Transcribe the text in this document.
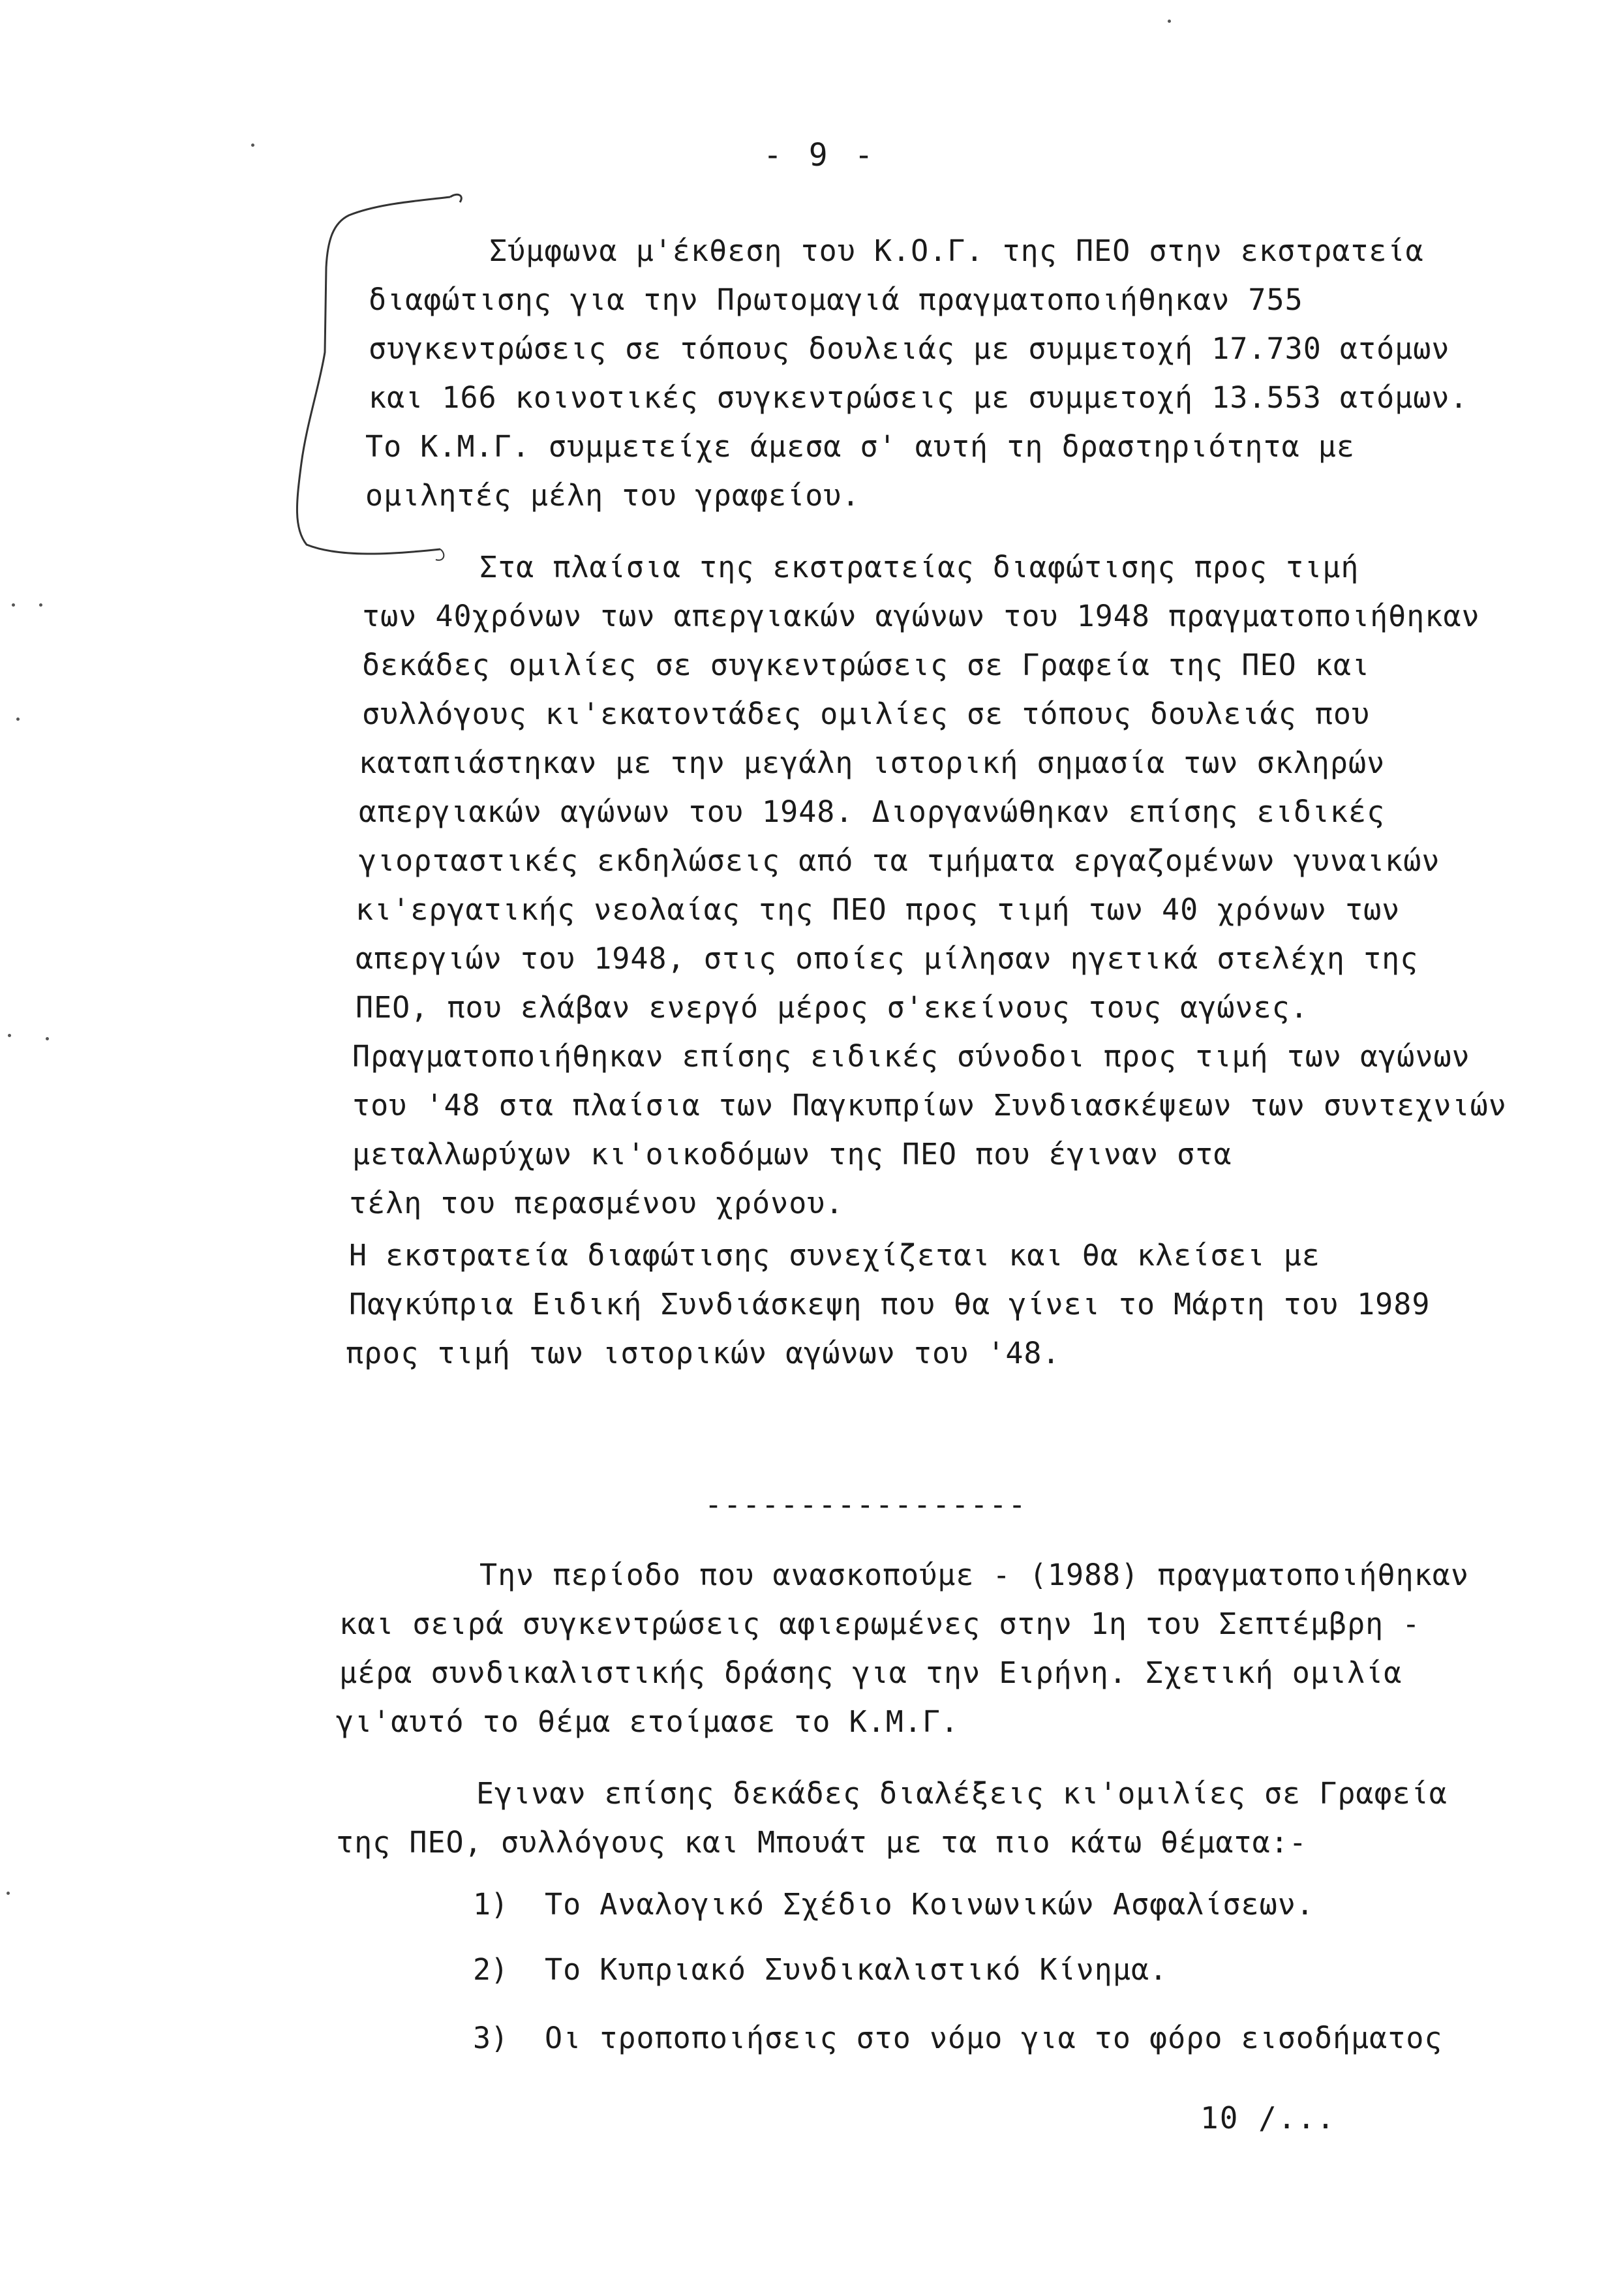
- 9 -
Σύμφωνα μ'έκθεση του Κ.Ο.Γ. της ΠΕΟ στην εκστρατεία
διαφώτισης για την Πρωτομαγιά πραγματοποιήθηκαν 755
συγκεντρώσεις σε τόπους δουλειάς με συμμετοχή 17.730 ατόμων
και 166 κοινοτικές συγκεντρώσεις με συμμετοχή 13.553 ατόμων.
Το Κ.Μ.Γ. συμμετείχε άμεσα σ' αυτή τη δραστηριότητα με
ομιλητές μέλη του γραφείου.
Στα πλαίσια της εκστρατείας διαφώτισης προς τιμή
των 40χρόνων των απεργιακών αγώνων του 1948 πραγματοποιήθηκαν
δεκάδες ομιλίες σε συγκεντρώσεις σε Γραφεία της ΠΕΟ και
συλλόγους κι'εκατοντάδες ομιλίες σε τόπους δουλειάς που
καταπιάστηκαν με την μεγάλη ιστορική σημασία των σκληρών
απεργιακών αγώνων του 1948. Διοργανώθηκαν επίσης ειδικές
γιορταστικές εκδηλώσεις από τα τμήματα εργαζομένων γυναικών
κι'εργατικής νεολαίας της ΠΕΟ προς τιμή των 40 χρόνων των
απεργιών του 1948, στις οποίες μίλησαν ηγετικά στελέχη της
ΠΕΟ, που ελάβαν ενεργό μέρος σ'εκείνους τους αγώνες.
Πραγματοποιήθηκαν επίσης ειδικές σύνοδοι προς τιμή των αγώνων
του '48 στα πλαίσια των Παγκυπρίων Συνδιασκέψεων των συντεχνιών
μεταλλωρύχων κι'οικοδόμων της ΠΕΟ που έγιναν στα
τέλη του περασμένου χρόνου.
Η εκστρατεία διαφώτισης συνεχίζεται και θα κλείσει με
Παγκύπρια Ειδική Συνδιάσκεψη που θα γίνει το Μάρτη του 1989
προς τιμή των ιστορικών αγώνων του '48.
-----------------
Την περίοδο που ανασκοπούμε - (1988) πραγματοποιήθηκαν
και σειρά συγκεντρώσεις αφιερωμένες στην 1η του Σεπτέμβρη -
μέρα συνδικαλιστικής δράσης για την Ειρήνη. Σχετική ομιλία
γι'αυτό το θέμα ετοίμασε το Κ.Μ.Γ.
Εγιναν επίσης δεκάδες διαλέξεις κι'ομιλίες σε Γραφεία
της ΠΕΟ, συλλόγους και Μπουάτ με τα πιο κάτω θέματα:-
1) Το Αναλογικό Σχέδιο Κοινωνικών Ασφαλίσεων.
2) Το Κυπριακό Συνδικαλιστικό Κίνημα.
3) Οι τροποποιήσεις στο νόμο για το φόρο εισοδήματος
10 /...
